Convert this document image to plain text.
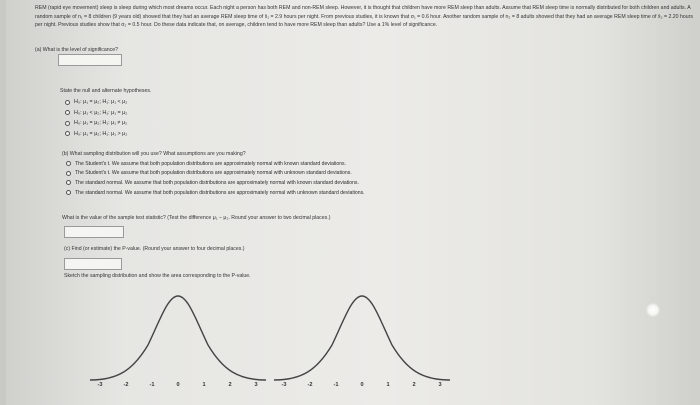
REM (rapid eye movement) sleep is sleep during which most dreams occur. Each night a person has both REM and non-REM sleep. However, it is thought that children have more REM sleep than adults. Assume that REM sleep time is normally distributed for both children and adults. A random sample of n₁ = 8 children (9 years old) showed that they had an average REM sleep time of x̄₁ = 2.9 hours per night. From previous studies, it is known that σ₁ = 0.6 hour. Another random sample of n₂ = 8 adults showed that they had an average REM sleep time of x̄₂ = 2.20 hours per night. Previous studies show that σ₂ = 0.5 hour. Do these data indicate that, on average, children tend to have more REM sleep than adults? Use a 1% level of significance.
(a) What is the level of significance?
State the null and alternate hypotheses.
H₀: μ₁ = μ₂; H₁: μ₁ < μ₂
H₀: μ₁ < μ₂; H₁: μ₁ = μ₂
H₀: μ₁ = μ₂; H₁: μ₁ ≠ μ₂
H₀: μ₁ = μ₂; H₁: μ₁ > μ₂
(b) What sampling distribution will you use? What assumptions are you making?
The Student's t. We assume that both population distributions are approximately normal with known standard deviations.
The Student's t. We assume that both population distributions are approximately normal with unknown standard deviations.
The standard normal. We assume that both population distributions are approximately normal with known standard deviations.
The standard normal. We assume that both population distributions are approximately normal with unknown standard deviations.
What is the value of the sample test statistic? (Test the difference μ₁ − μ₂. Round your answer to two decimal places.)
(c) Find (or estimate) the P-value. (Round your answer to four decimal places.)
Sketch the sampling distribution and show the area corresponding to the P-value.
-3	-2	-1	0	1	2	3	-3	-2	-1	0	1	2	3
